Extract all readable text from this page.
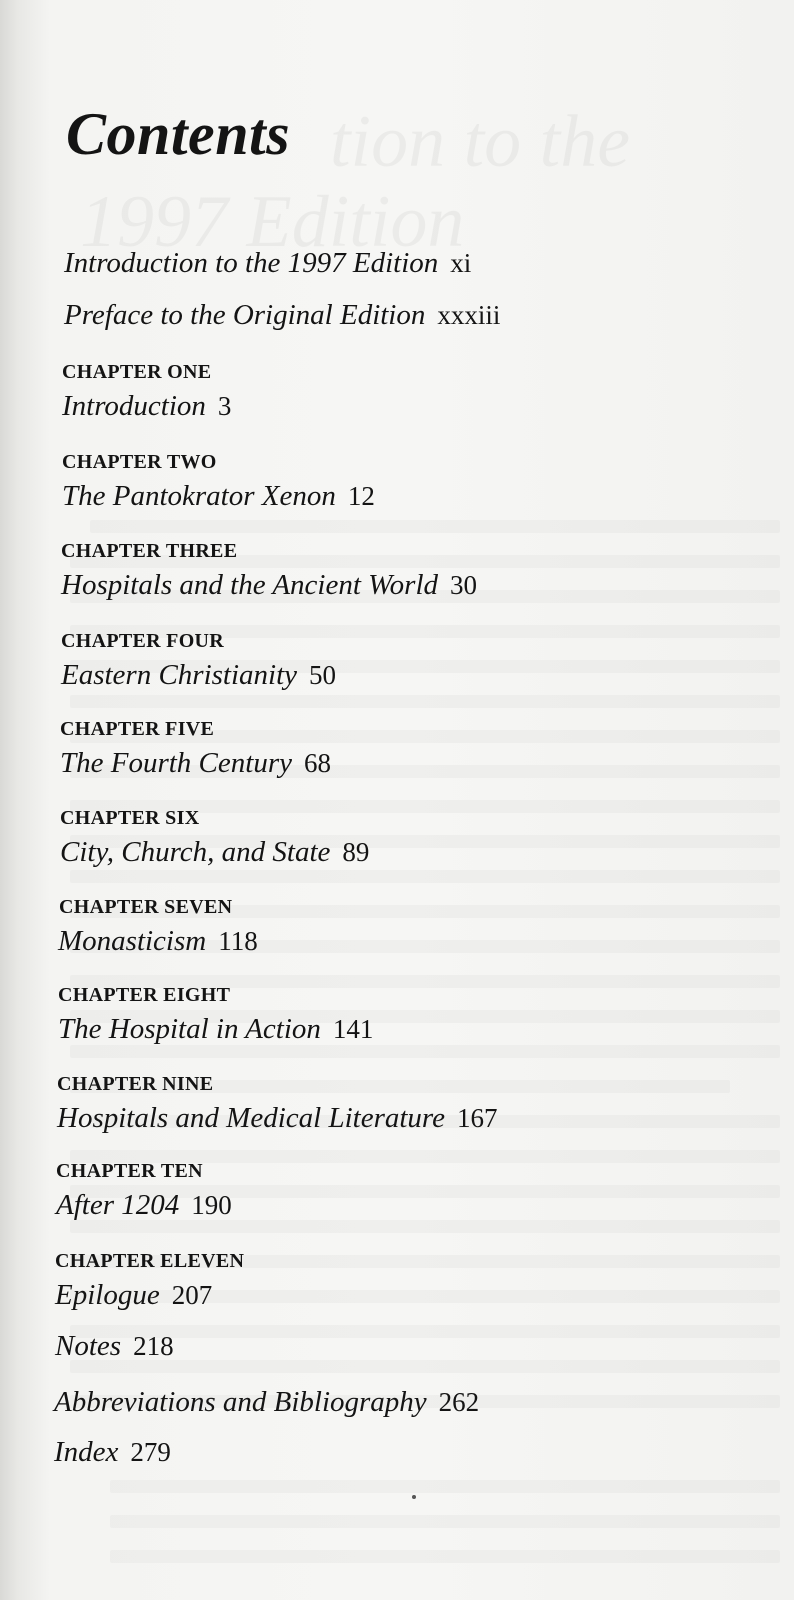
Contents
Introduction to the 1997 Edition xi
Preface to the Original Edition xxxiii
CHAPTER ONE
Introduction 3
CHAPTER TWO
The Pantokrator Xenon 12
CHAPTER THREE
Hospitals and the Ancient World 30
CHAPTER FOUR
Eastern Christianity 50
CHAPTER FIVE
The Fourth Century 68
CHAPTER SIX
City, Church, and State 89
CHAPTER SEVEN
Monasticism 118
CHAPTER EIGHT
The Hospital in Action 141
CHAPTER NINE
Hospitals and Medical Literature 167
CHAPTER TEN
After 1204 190
CHAPTER ELEVEN
Epilogue 207
Notes 218
Abbreviations and Bibliography 262
Index 279
